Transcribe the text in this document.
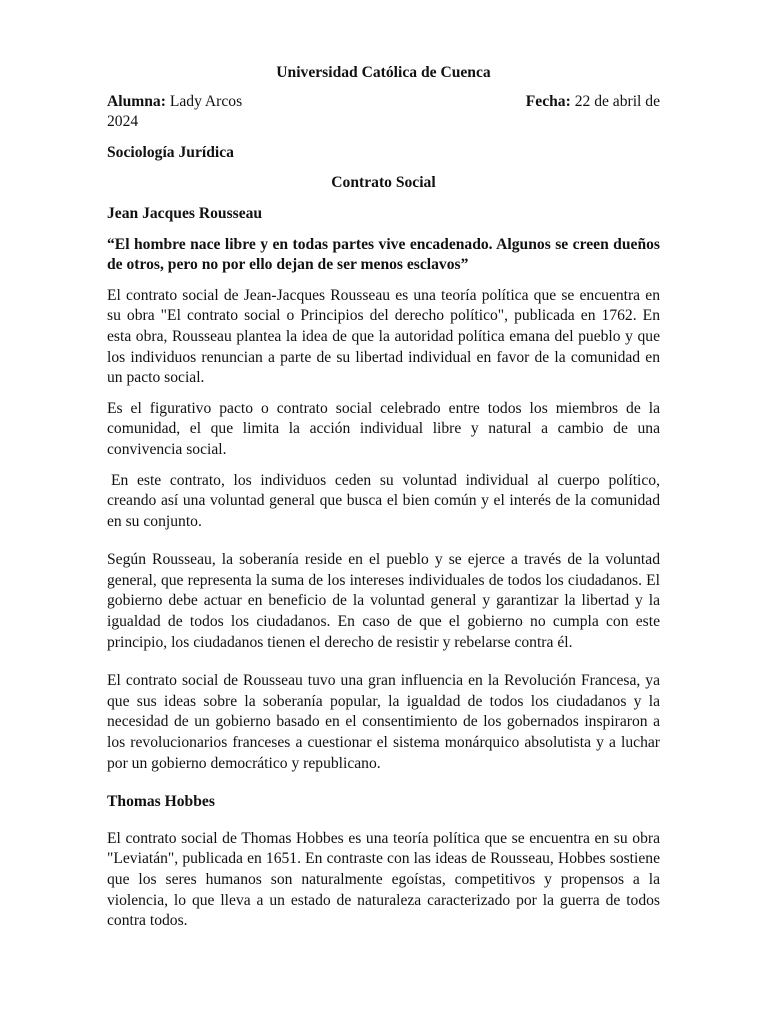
Universidad Católica de Cuenca
Alumna: Lady Arcos	Fecha: 22 de abril de
2024
Sociología Jurídica
Contrato Social
Jean Jacques Rousseau
“El hombre nace libre y en todas partes vive encadenado. Algunos se creen dueños de otros, pero no por ello dejan de ser menos esclavos”

El contrato social de Jean-Jacques Rousseau es una teoría política que se encuentra en su obra "El contrato social o Principios del derecho político", publicada en 1762. En esta obra, Rousseau plantea la idea de que la autoridad política emana del pueblo y que los individuos renuncian a parte de su libertad individual en favor de la comunidad en un pacto social.

Es el figurativo pacto o contrato social celebrado entre todos los miembros de la comunidad, el que limita la acción individual libre y natural a cambio de una convivencia social.

En este contrato, los individuos ceden su voluntad individual al cuerpo político, creando así una voluntad general que busca el bien común y el interés de la comunidad en su conjunto.

Según Rousseau, la soberanía reside en el pueblo y se ejerce a través de la voluntad general, que representa la suma de los intereses individuales de todos los ciudadanos. El gobierno debe actuar en beneficio de la voluntad general y garantizar la libertad y la igualdad de todos los ciudadanos. En caso de que el gobierno no cumpla con este principio, los ciudadanos tienen el derecho de resistir y rebelarse contra él.

El contrato social de Rousseau tuvo una gran influencia en la Revolución Francesa, ya que sus ideas sobre la soberanía popular, la igualdad de todos los ciudadanos y la necesidad de un gobierno basado en el consentimiento de los gobernados inspiraron a los revolucionarios franceses a cuestionar el sistema monárquico absolutista y a luchar por un gobierno democrático y republicano.

Thomas Hobbes

El contrato social de Thomas Hobbes es una teoría política que se encuentra en su obra "Leviatán", publicada en 1651. En contraste con las ideas de Rousseau, Hobbes sostiene que los seres humanos son naturalmente egoístas, competitivos y propensos a la violencia, lo que lleva a un estado de naturaleza caracterizado por la guerra de todos contra todos.
